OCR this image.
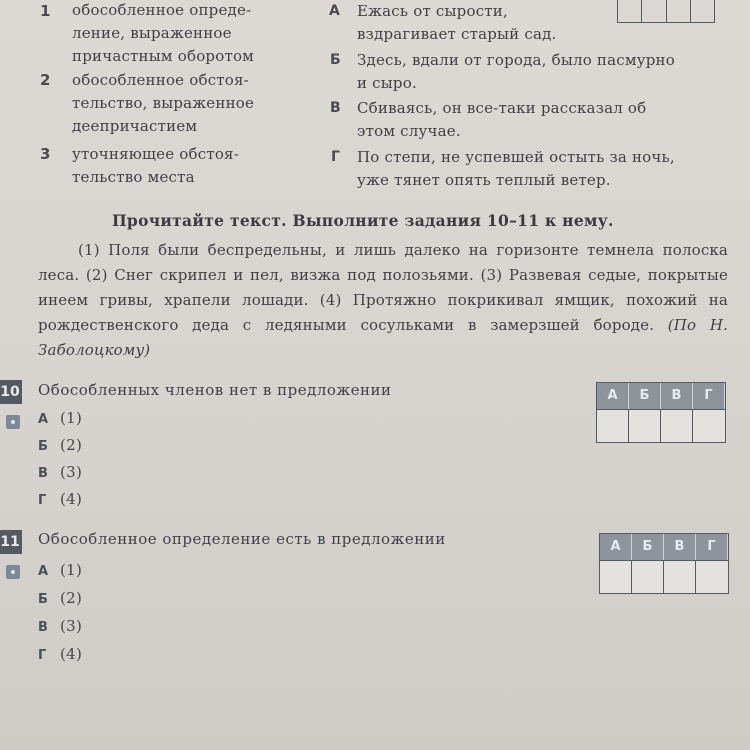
1 обособленное опреде-
ление, выраженное
причастным оборотом
2 обособленное обстоя-
тельство, выраженное
деепричастием
3 уточняющее обстоя-
тельство места
А Ежась от сырости,
вздрагивает старый сад.
Б Здесь, вдали от города, было пасмурно
и сыро.
В Сбиваясь, он все-таки рассказал об
этом случае.
Г По степи, не успевшей остыть за ночь,
уже тянет опять теплый ветер.
Прочитайте текст. Выполните задания 10–11 к нему.
(1) Поля были беспредельны, и лишь далеко на горизонте темнела полоска леса. (2) Снег скрипел и пел, визжа под полозьями. (3) Развевая седые, покрытые инеем гривы, храпели лошади. (4) Протяжно покрикивал ямщик, похожий на рождественского деда с ледяными сосульками в замерзшей бороде. (По Н. Заболоцкому)
10 Обособленных членов нет в предложении
А (1)
Б (2)
В (3)
Г (4)
А	Б	В	Г
11 Обособленное определение есть в предложении
А (1)
Б (2)
В (3)
Г (4)
А	Б	В	Г
